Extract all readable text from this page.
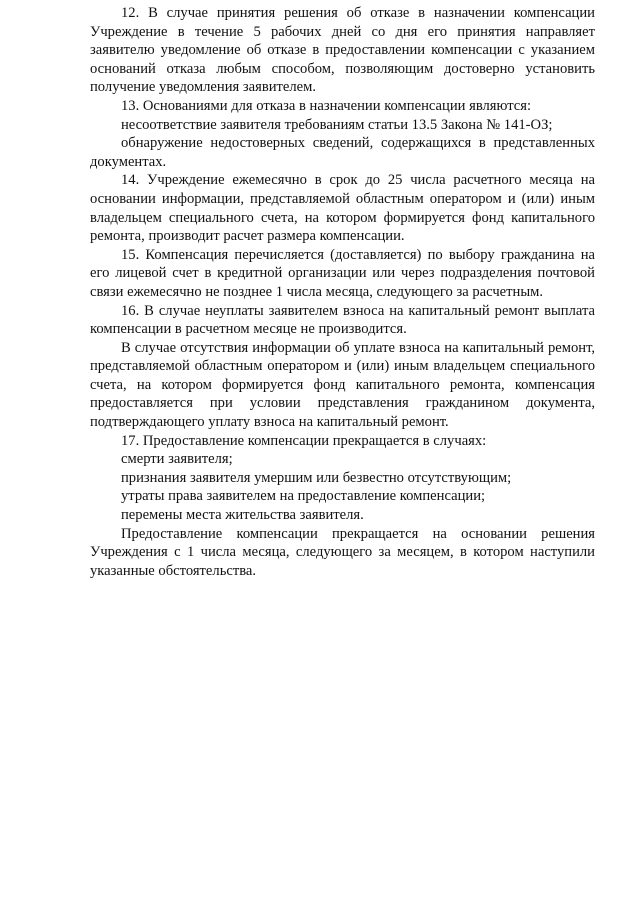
12. В случае принятия решения об отказе в назначении компенсации Учреждение в течение 5 рабочих дней со дня его принятия направляет заявителю уведомление об отказе в предоставлении компенсации с указанием оснований отказа любым способом, позволяющим достоверно установить получение уведомления заявителем.

13. Основаниями для отказа в назначении компенсации являются:

несоответствие заявителя требованиям статьи 13.5 Закона № 141-ОЗ;

обнаружение недостоверных сведений, содержащихся в представленных документах.

14. Учреждение ежемесячно в срок до 25 числа расчетного месяца на основании информации, представляемой областным оператором и (или) иным владельцем специального счета, на котором формируется фонд капитального ремонта, производит расчет размера компенсации.

15. Компенсация перечисляется (доставляется) по выбору гражданина на его лицевой счет в кредитной организации или через подразделения почтовой связи ежемесячно не позднее 1 числа месяца, следующего за расчетным.

16. В случае неуплаты заявителем взноса на капитальный ремонт выплата компенсации в расчетном месяце не производится.

В случае отсутствия информации об уплате взноса на капитальный ремонт, представляемой областным оператором и (или) иным владельцем специального счета, на котором формируется фонд капитального ремонта, компенсация предоставляется при условии представления гражданином документа, подтверждающего уплату взноса на капитальный ремонт.

17. Предоставление компенсации прекращается в случаях:

смерти заявителя;

признания заявителя умершим или безвестно отсутствующим;

утраты права заявителем на предоставление компенсации;

перемены места жительства заявителя.

Предоставление компенсации прекращается на основании решения Учреждения с 1 числа месяца, следующего за месяцем, в котором наступили указанные обстоятельства.
